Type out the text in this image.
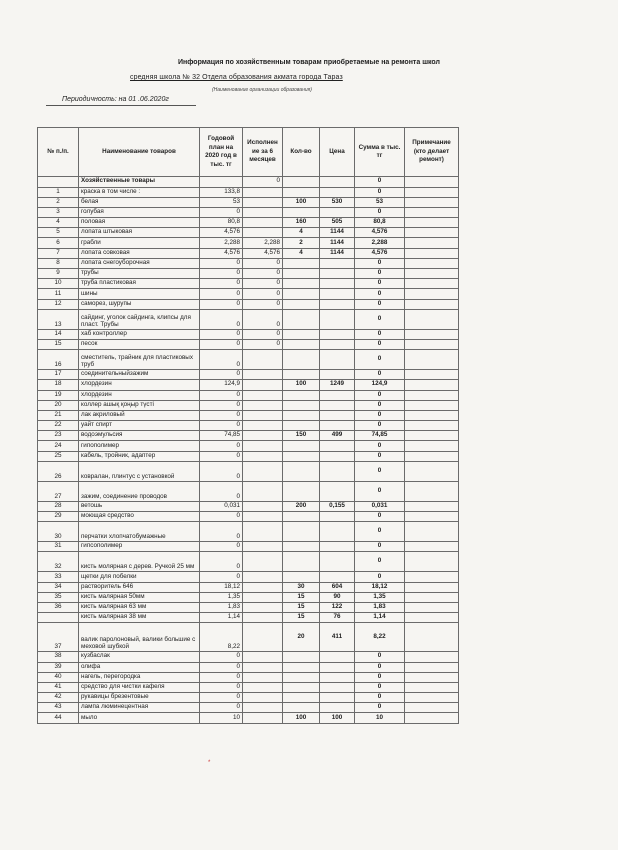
Информация по хозяйственным товарам приобретаемые на ремонта школ
средняя школа № 32 Отдела образования акмата города Тараз
(Наименование организации образования)
Периодичность: на 01 .06.2020г
№ п./п.	Наименование товаров	Годовой план на 2020 год в тыс. тг	Исполнен ие за 6 месяцев	Кол-во	Цена	Сумма в тыс. тг	Примечание (кто делает ремонт)
	Хозяйственные товары		0			0	
1	краска в том числе :	133,8				0	
2	белая	53		100	530	53	
3	голубая	0				0	
4	половая	80,8		160	505	80,8	
5	лопата штыковая	4,576		4	1144	4,576	
6	грабли	2,288	2,288	2	1144	2,288	
7	лопата совковая	4,576	4,576	4	1144	4,576	
8	лопата снегоуборочная	0	0			0	
9	трубы	0	0			0	
10	труба пластиковая	0	0			0	
11	шины	0	0			0	
12	саморез, шурупы	0	0			0	
13	сайдинг, уголок сайдинга, клипсы для пласт. Трубы	0	0			0	
14	хаб контроллер	0	0			0	
15	песок	0	0			0	
16	сместитель, трайник для пластиковых труб	0				0	
17	соединительныйзажим	0				0	
18	хлордезин	124,9		100	1249	124,9	
19	хлордезин	0				0	
20	коллер ашық қоңыр түсті	0				0	
21	лак акриловый	0				0	
22	уайт спирт	0				0	
23	водоэмульсия	74,85		150	499	74,85	
24	гипополимер	0				0	
25	кабель, тройник, адаптер	0				0	
26	ковралан, плинтус с установкой	0				0	
27	зажим, соединение проводов	0				0	
28	ветошь	0,031		200	0,155	0,031	
29	моющая средство	0				0	
30	перчатки хлопчатобумажные	0				0	
31	гипсополимер	0				0	
32	кисть молярная с дерев. Ручкой 25 мм	0				0	
33	щетки для побелки	0				0	
34	растворитель 646	18,12		30	604	18,12	
35	кисть малярная 50мм	1,35		15	90	1,35	
36	кисть малярная 63 мм	1,83		15	122	1,83	
	кисть малярная 38 мм	1,14		15	76	1,14	
37	валик паролоновый, валики большие с меховой шубкой	8,22		20	411	8,22	
38	кузбаслак	0				0	
39	олифа	0				0	
40	нагель, перегородка	0				0	
41	средство для чистки кафеля	0				0	
42	рукавицы брезентовые	0				0	
43	лампа люминецентная	0				0	
44	мыло	10		100	100	10	
*
